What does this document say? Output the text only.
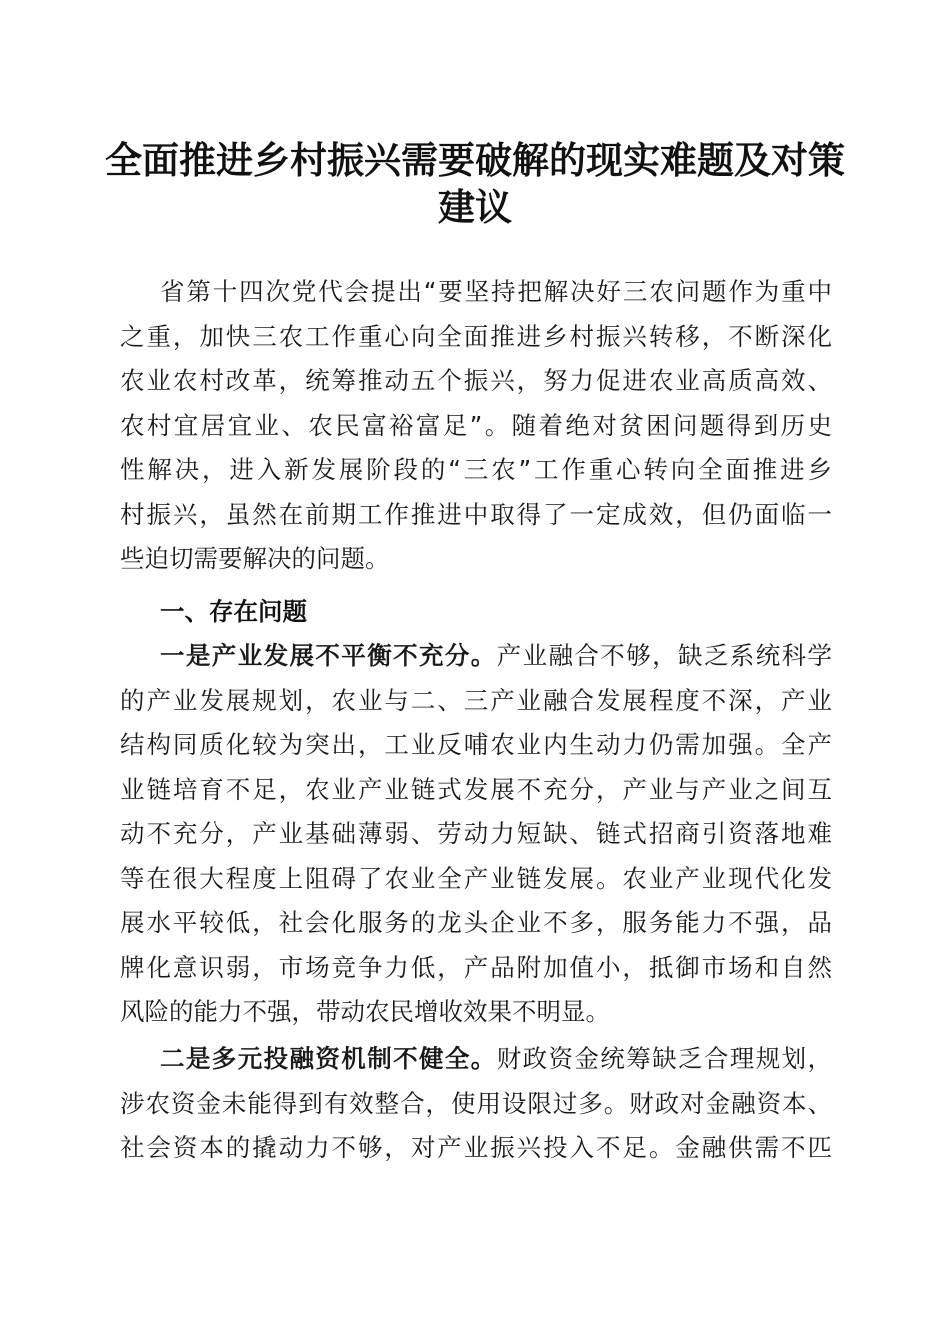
全面推进乡村振兴需要破解的现实难题及对策
建议
省第十四次党代会提出“要坚持把解决好三农问题作为重中
之重，加快三农工作重心向全面推进乡村振兴转移，不断深化
农业农村改革，统筹推动五个振兴，努力促进农业高质高效、
农村宜居宜业、农民富裕富足”。随着绝对贫困问题得到历史
性解决，进入新发展阶段的“三农”工作重心转向全面推进乡
村振兴，虽然在前期工作推进中取得了一定成效，但仍面临一
些迫切需要解决的问题。
一、存在问题
一是产业发展不平衡不充分。产业融合不够，缺乏系统科学
的产业发展规划，农业与二、三产业融合发展程度不深，产业
结构同质化较为突出，工业反哺农业内生动力仍需加强。全产
业链培育不足，农业产业链式发展不充分，产业与产业之间互
动不充分，产业基础薄弱、劳动力短缺、链式招商引资落地难
等在很大程度上阻碍了农业全产业链发展。农业产业现代化发
展水平较低，社会化服务的龙头企业不多，服务能力不强，品
牌化意识弱，市场竞争力低，产品附加值小，抵御市场和自然
风险的能力不强，带动农民增收效果不明显。
二是多元投融资机制不健全。财政资金统筹缺乏合理规划，
涉农资金未能得到有效整合，使用设限过多。财政对金融资本、
社会资本的撬动力不够，对产业振兴投入不足。金融供需不匹
